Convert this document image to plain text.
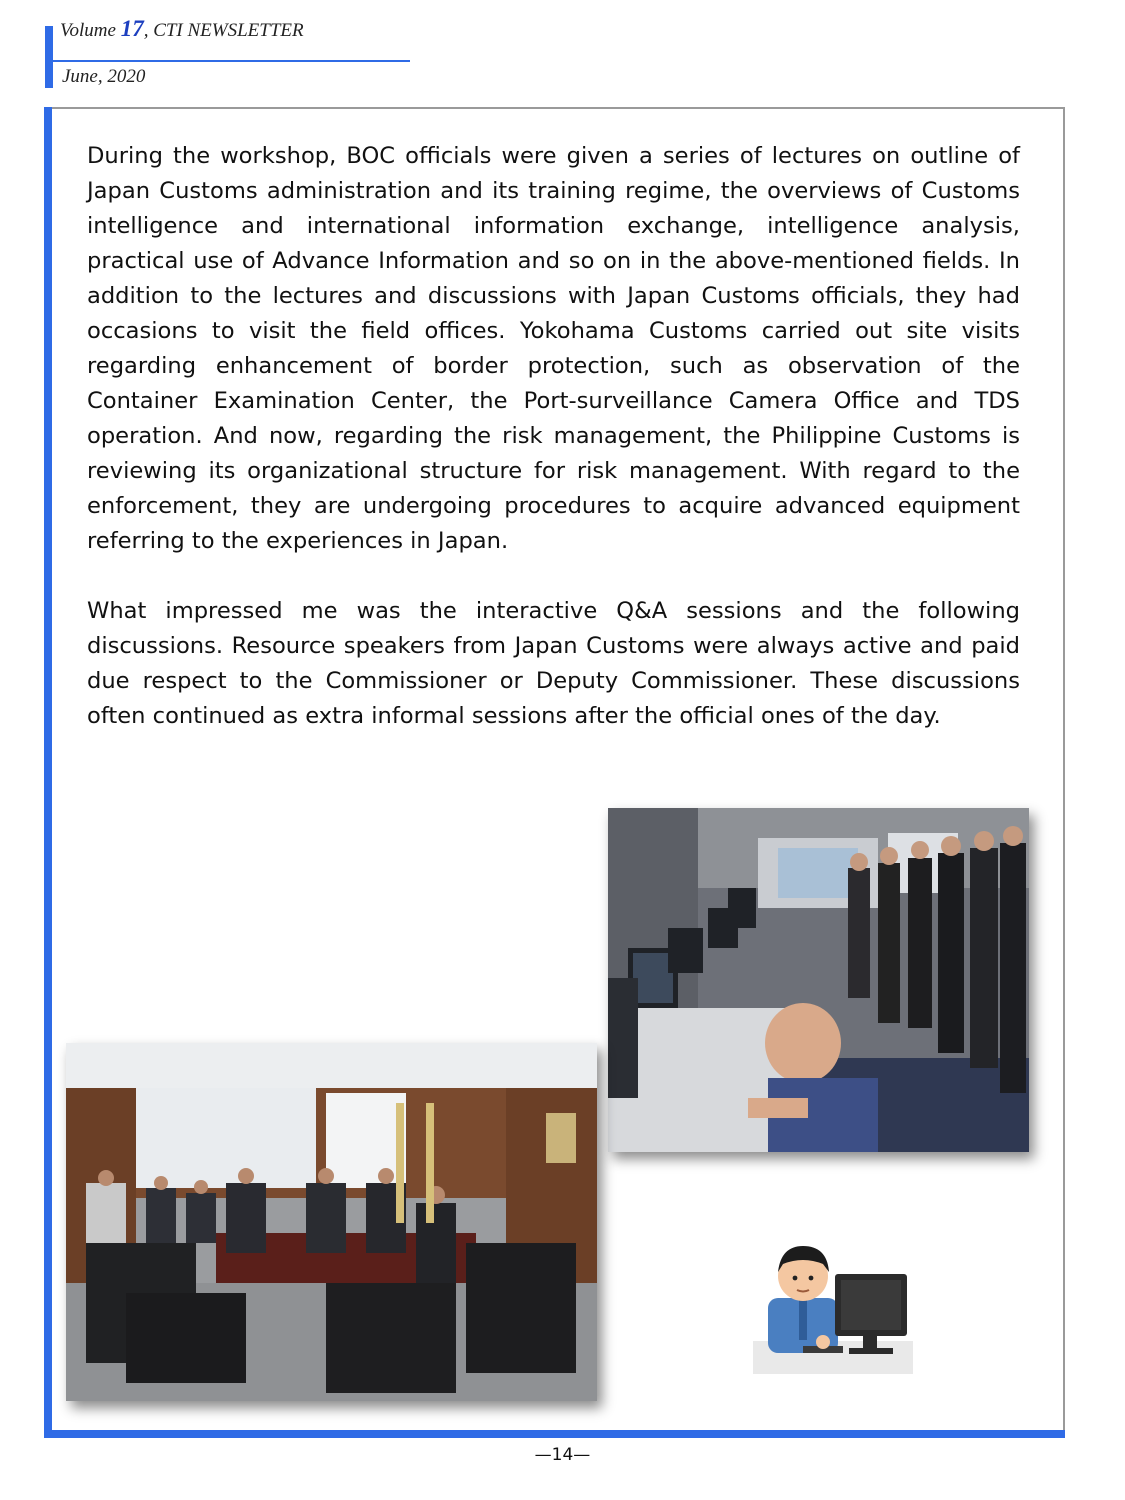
Volume 17, CTI NEWSLETTER
June, 2020

During the workshop, BOC officials were given a series of lectures on outline of Japan Customs administration and its training regime, the overviews of Customs intelligence and international information exchange, intelligence analysis, practical use of Advance Information and so on in the above-mentioned fields. In addition to the lectures and discussions with Japan Customs officials, they had occasions to visit the field offices. Yokohama Customs carried out site visits regarding enhancement of border protection, such as observation of the Container Examination Center, the Port-surveillance Camera Office and TDS operation. And now, regarding the risk management, the Philippine Customs is reviewing its organizational structure for risk management. With regard to the enforcement, they are undergoing procedures to acquire advanced equipment referring to the experiences in Japan.

What impressed me was the interactive Q&A sessions and the following discussions. Resource speakers from Japan Customs were always active and paid due respect to the Commissioner or Deputy Commissioner. These discussions often continued as extra informal sessions after the official ones of the day.

—14—
